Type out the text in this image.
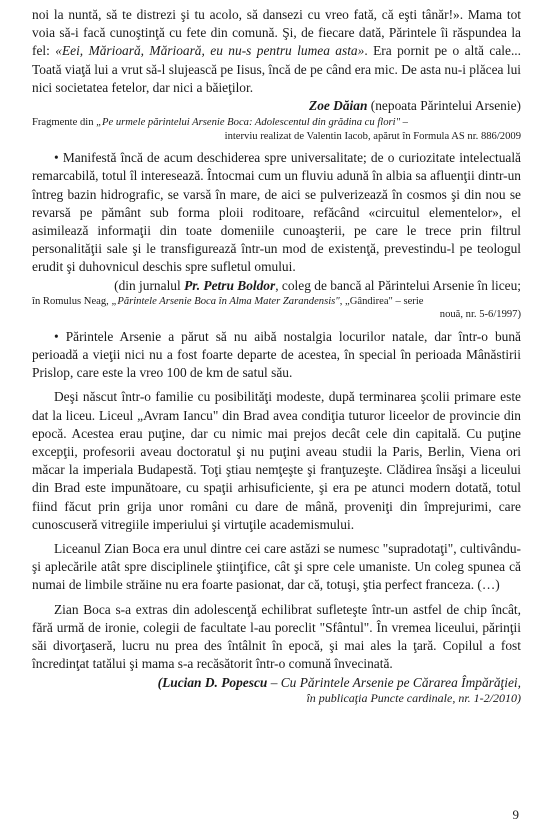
noi la nuntă, să te distrezi şi tu acolo, să dansezi cu vreo fată, că eşti tânăr!». Mama tot voia să-i facă cunoştinţă cu fete din comună. Şi, de fiecare dată, Părintele îi răspundea la fel: «Eei, Mărioară, Mărioară, eu nu-s pentru lumea asta». Era pornit pe o altă cale... Toată viaţă lui a vrut să-l slujească pe Iisus, încă de pe când era mic. De asta nu-i plăcea lui nici societatea fetelor, dar nici a băieţilor.

Zoe Dăian (nepoata Părintelui Arsenie)

Fragmente din „Pe urmele părintelui Arsenie Boca: Adolescentul din grădina cu flori" –

interviu realizat de Valentin Iacob, apărut în Formula AS nr. 886/2009

• Manifestă încă de acum deschiderea spre universalitate; de o curiozitate intelectuală remarcabilă, totul îl interesează. Întocmai cum un fluviu adună în albia sa afluenţii dintr-un întreg bazin hidrografic, se varsă în mare, de aici se pulverizează în cosmos şi din nou se revarsă pe pământ sub forma ploii roditoare, refăcând «circuitul elementelor», el asimilează informaţii din toate domeniile cunoaşterii, pe care le trece prin filtrul personalităţii sale şi le transfigurează într-un mod de existenţă, prevestindu-l pe teologul erudit şi duhovnicul deschis spre sufletul omului.

(din jurnalul Pr. Petru Boldor, coleg de bancă al Părintelui Arsenie în liceu;

în Romulus Neag, „Părintele Arsenie Boca în Alma Mater Zarandensis", „Gândirea" – serie

nouă, nr. 5-6/1997)

• Părintele Arsenie a părut să nu aibă nostalgia locurilor natale, dar într-o bună perioadă a vieţii nici nu a fost foarte departe de acestea, în special în perioada Mânăstirii Prislop, care este la vreo 100 de km de satul său.

Deşi născut într-o familie cu posibilităţi modeste, după terminarea şcolii primare este dat la liceu. Liceul „Avram Iancu" din Brad avea condiţia tuturor liceelor de provincie din epocă. Acestea erau puţine, dar cu nimic mai prejos decât cele din capitală. Cu puţine excepţii, profesorii aveau doctoratul şi nu puţini aveau studii la Paris, Berlin, Viena ori măcar la imperiala Budapestă. Toţi ştiau nemţeşte şi franţuzeşte. Clădirea însăşi a liceului din Brad este impunătoare, cu spaţii arhisuficiente, şi era pe atunci modern dotată, totul fiind făcut prin grija unor români cu dare de mână, proveniţi din împrejurimi, care cunoscuseră vitregiile imperiului şi virtuţile academismului.

Liceanul Zian Boca era unul dintre cei care astăzi se numesc "supradotaţi", cultivându-şi aplecările atât spre disciplinele ştiinţifice, cât şi spre cele umaniste. Un coleg spunea că numai de limbile străine nu era foarte pasionat, dar că, totuşi, ştia perfect franceza. (…)

Zian Boca s-a extras din adolescenţă echilibrat sufleteşte într-un astfel de chip încât, fără urmă de ironie, colegii de facultate l-au poreclit "Sfântul". În vremea liceului, părinţii săi divorţaseră, lucru nu prea des întâlnit în epocă, şi mai ales la ţară. Copilul a fost încredinţat tatălui şi mama s-a recăsătorit într-o comună învecinată.

(Lucian D. Popescu – Cu Părintele Arsenie pe Cărarea Împărăţiei,

în publicaţia Puncte cardinale, nr. 1-2/2010)

9
